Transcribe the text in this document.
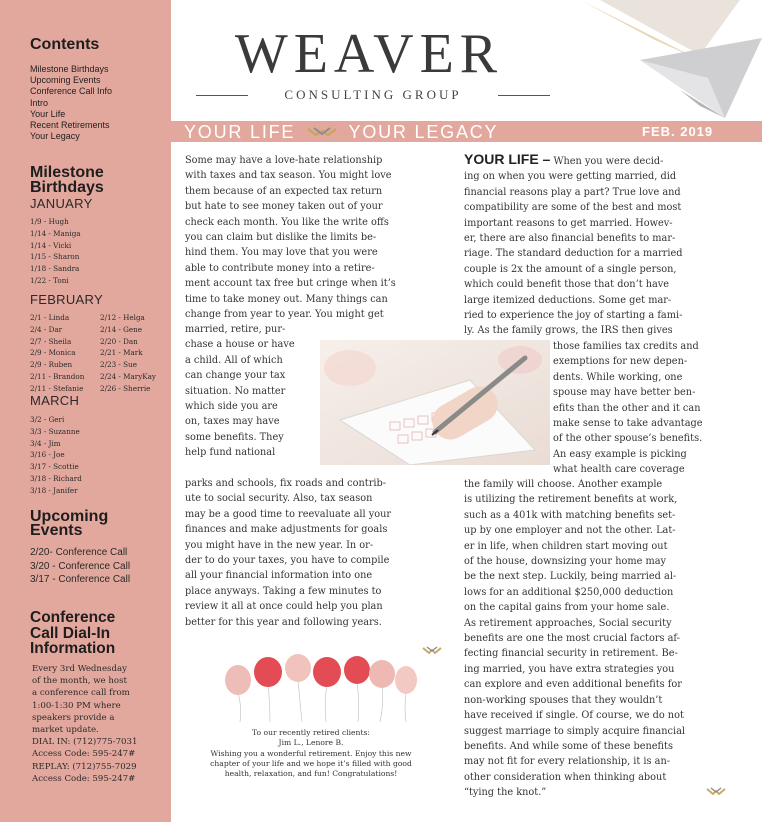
Contents
Milestone Birthdays
Upcoming Events
Conference Call Info
Intro
Your Life
Recent Retirements
Your Legacy
Milestone
Birthdays
JANUARY
1/9 - Hugh
1/14 - Maniga
1/14 - Vicki
1/15 - Sharon
1/18 - Sandra
1/22 - Toni
FEBRUARY
2/1 - Linda
2/4 - Dar
2/7 - Sheila
2/9 - Monica
2/9 - Ruben
2/11 - Brandon
2/11 - Stefanie
2/12 - Helga
2/14 - Gene
2/20 - Dan
2/21 - Mark
2/23 - Sue
2/24 - MaryKay
2/26 - Sherrie
MARCH
3/2 - Geri
3/3 - Suzanne
3/4 - Jim
3/16 - Joe
3/17 - Scottie
3/18 - Richard
3/18 - Janifer
Upcoming
Events
2/20- Conference Call
3/20 - Conference Call
3/17 - Conference Call
Conference
Call Dial-In
Information
Every 3rd Wednesday
of the month, we host
a conference call from
1:00-1:30 PM where
speakers provide a
market update.
DIAL IN: (712)775-7031
Access Code: 595-247#
REPLAY: (712)755-7029
Access Code: 595-247#
WEAVER
CONSULTING GROUP
YOUR LIFE	YOUR LEGACY	FEB. 2019
Some may have a love-hate relationship
with taxes and tax season. You might love
them because of an expected tax return
but hate to see money taken out of your
check each month. You like the write offs
you can claim but dislike the limits be-
hind them. You may love that you were
able to contribute money into a retire-
ment account tax free but cringe when it’s
time to take money out. Many things can
change from year to year. You might get
married, retire, pur-
chase a house or have
a child. All of which
can change your tax
situation. No matter
which side you are
on, taxes may have
some benefits. They
help fund national
parks and schools, fix roads and contrib-
ute to social security. Also, tax season
may be a good time to reevaluate all your
finances and make adjustments for goals
you might have in the new year. In or-
der to do your taxes, you have to compile
all your financial information into one
place anyways. Taking a few minutes to
review it all at once could help you plan
better for this year and following years.
To our recently retired clients:
Jim L., Lenore B.
Wishing you a wonderful retirement. Enjoy this new
chapter of your life and we hope it’s filled with good
health, relaxation, and fun! Congratulations!
YOUR LIFE – When you were decid-
ing on when you were getting married, did
financial reasons play a part? True love and
compatibility are some of the best and most
important reasons to get married. Howev-
er, there are also financial benefits to mar-
riage. The standard deduction for a married
couple is 2x the amount of a single person,
which could benefit those that don’t have
large itemized deductions. Some get mar-
ried to experience the joy of starting a fami-
ly. As the family grows, the IRS then gives
those families tax credits and
exemptions for new depen-
dents. While working, one
spouse may have better ben-
efits than the other and it can
make sense to take advantage
of the other spouse’s benefits.
An easy example is picking
what health care coverage
the family will choose. Another example
is utilizing the retirement benefits at work,
such as a 401k with matching benefits set-
up by one employer and not the other. Lat-
er in life, when children start moving out
of the house, downsizing your home may
be the next step. Luckily, being married al-
lows for an additional $250,000 deduction
on the capital gains from your home sale.
As retirement approaches, Social security
benefits are one the most crucial factors af-
fecting financial security in retirement. Be-
ing married, you have extra strategies you
can explore and even additional benefits for
non-working spouses that they wouldn’t
have received if single. Of course, we do not
suggest marriage to simply acquire financial
benefits. And while some of these benefits
may not fit for every relationship, it is an-
other consideration when thinking about
“tying the knot.”
